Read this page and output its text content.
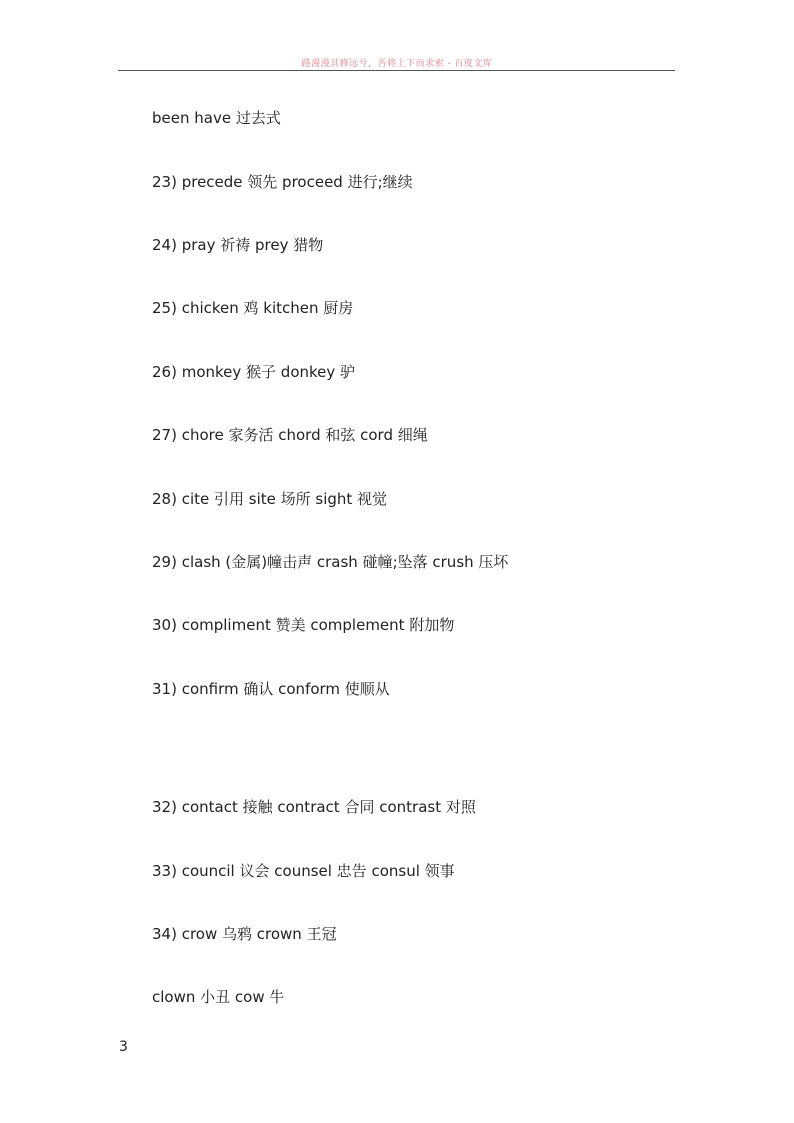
路漫漫其修远兮，吾将上下而求索 - 百度文库
been have 过去式
23) precede 领先 proceed 进行;继续
24) pray 祈祷 prey 猎物
25) chicken 鸡 kitchen 厨房
26) monkey 猴子 donkey 驴
27) chore 家务活 chord 和弦 cord 细绳
28) cite 引用 site 场所 sight 视觉
29) clash (金属)幢击声 crash 碰幢;坠落 crush 压坏
30) compliment 赞美 complement 附加物
31) confirm 确认 conform 使顺从
32) contact 接触 contract 合同 contrast 对照
33) council 议会 counsel 忠告 consul 领事
34) crow 乌鸦 crown 王冠
clown 小丑 cow 牛
3
